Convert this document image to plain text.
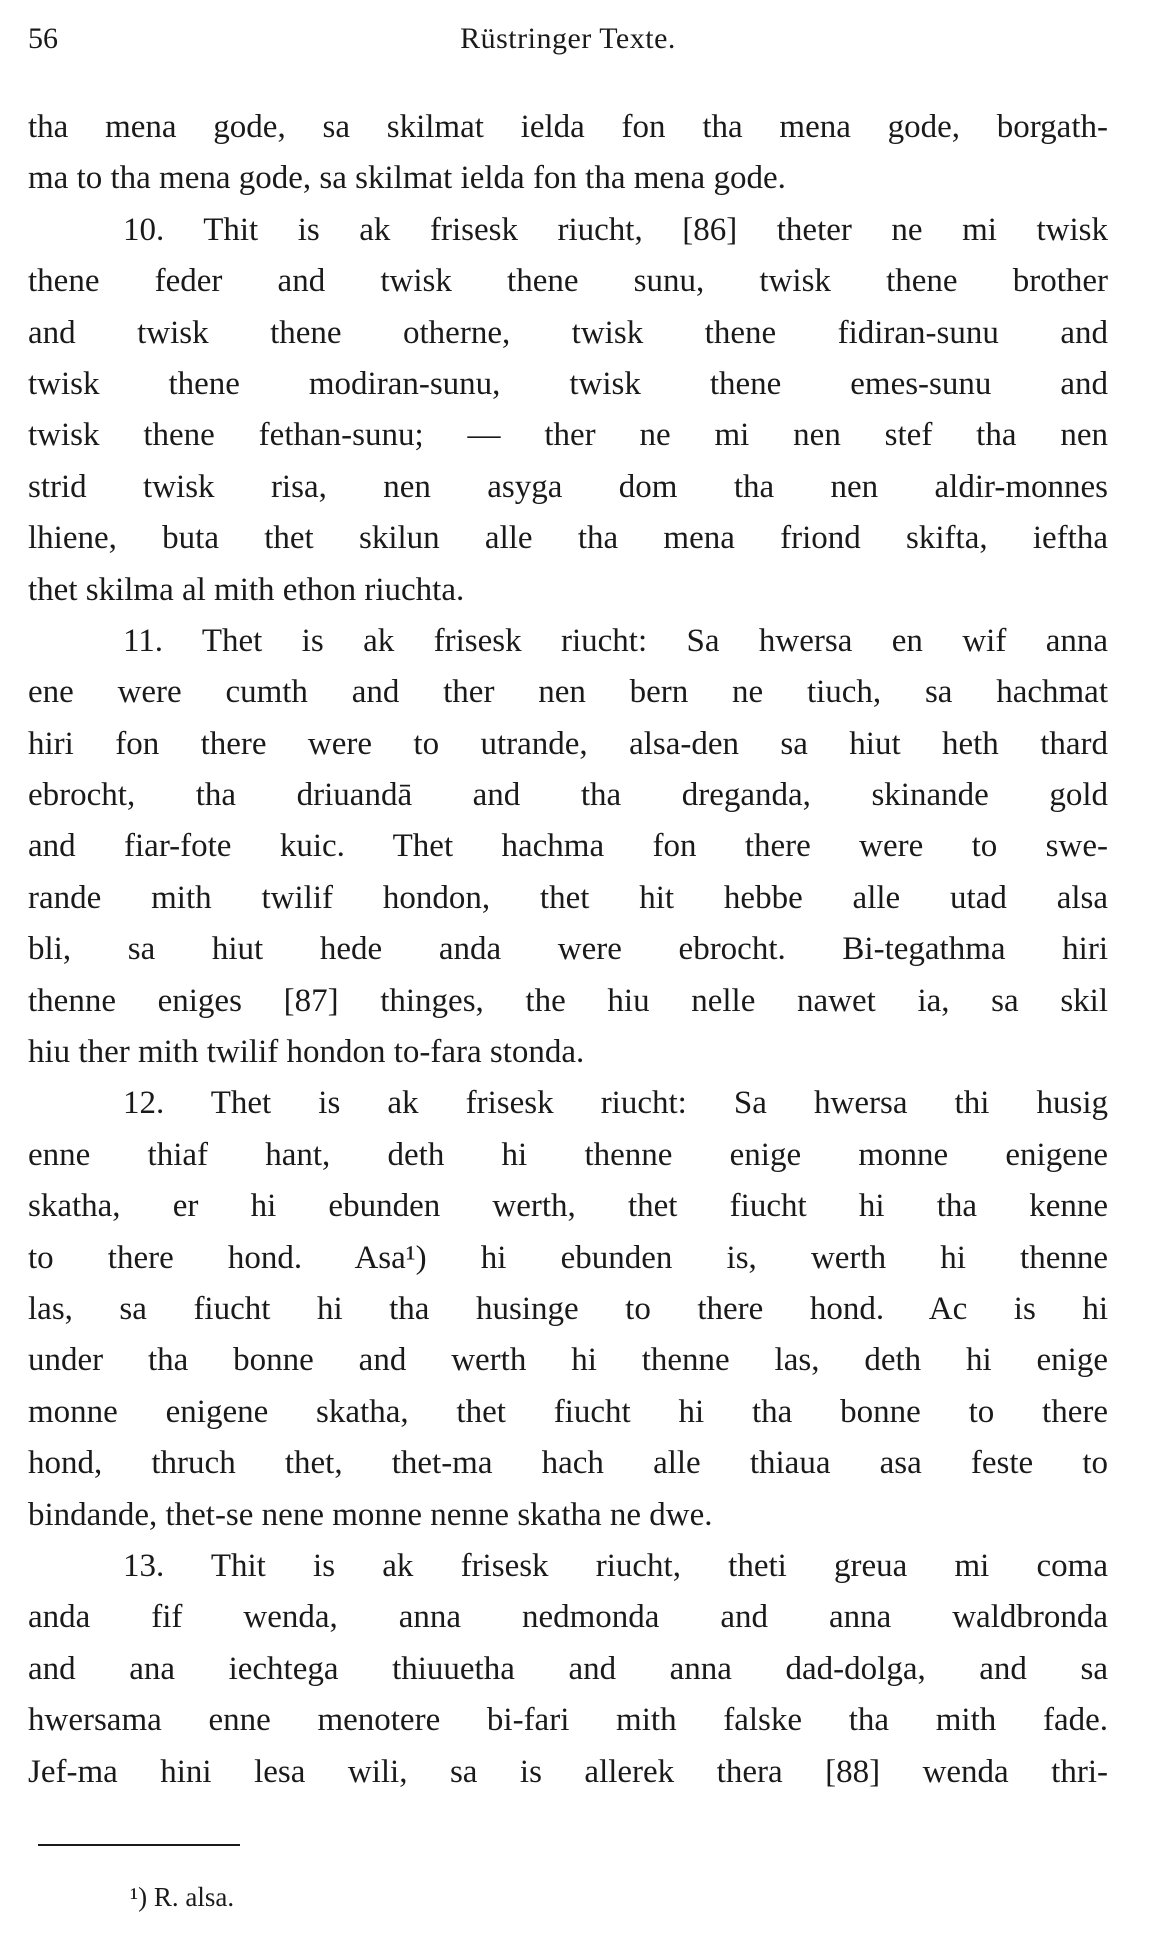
56	Rüstringer Texte.
tha mena gode, sa skilmat ielda fon tha mena gode, borgath-
ma to tha mena gode, sa skilmat ielda fon tha mena gode.
10. Thit is ak frisesk riucht, [86] theter ne mi twisk
thene feder and twisk thene sunu, twisk thene brother
and twisk thene otherne, twisk thene fidiran-sunu and
twisk thene modiran-sunu, twisk thene emes-sunu and
twisk thene fethan-sunu; — ther ne mi nen stef tha nen
strid twisk risa, nen asyga dom tha nen aldir-monnes
lhiene, buta thet skilun alle tha mena friond skifta, ieftha
thet skilma al mith ethon riuchta.
11. Thet is ak frisesk riucht: Sa hwersa en wif anna
ene were cumth and ther nen bern ne tiuch, sa hachmat
hiri fon there were to utrande, alsa-den sa hiut heth thard
ebrocht, tha driuandā and tha dreganda, skinande gold
and fiar-fote kuic. Thet hachma fon there were to swe-
rande mith twilif hondon, thet hit hebbe alle utad alsa
bli, sa hiut hede anda were ebrocht. Bi-tegathma hiri
thenne eniges [87] thinges, the hiu nelle nawet ia, sa skil
hiu ther mith twilif hondon to-fara stonda.
12. Thet is ak frisesk riucht: Sa hwersa thi husig
enne thiaf hant, deth hi thenne enige monne enigene
skatha, er hi ebunden werth, thet fiucht hi tha kenne
to there hond. Asa¹) hi ebunden is, werth hi thenne
las, sa fiucht hi tha husinge to there hond. Ac is hi
under tha bonne and werth hi thenne las, deth hi enige
monne enigene skatha, thet fiucht hi tha bonne to there
hond, thruch thet, thet-ma hach alle thiaua asa feste to
bindande, thet-se nene monne nenne skatha ne dwe.
13. Thit is ak frisesk riucht, theti greua mi coma
anda fif wenda, anna nedmonda and anna waldbronda
and ana iechtega thiuuetha and anna dad-dolga, and sa
hwersama enne menotere bi-fari mith falske tha mith fade.
Jef-ma hini lesa wili, sa is allerek thera [88] wenda thri-
¹) R. alsa.
